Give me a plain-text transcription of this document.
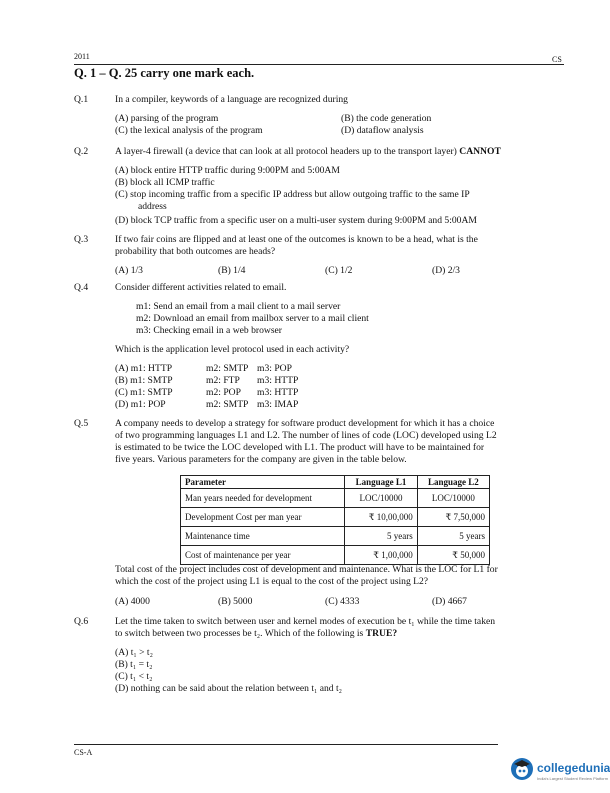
2011	CS
Q. 1 – Q. 25 carry one mark each.
Q.1	In a compiler, keywords of a language are recognized during
(A) parsing of the program	(B) the code generation
(C) the lexical analysis of the program	(D) dataflow analysis
Q.2	A layer-4 firewall (a device that can look at all protocol headers up to the transport layer) CANNOT
(A) block entire HTTP traffic during 9:00PM and 5:00AM
(B) block all ICMP traffic
(C) stop incoming traffic from a specific IP address but allow outgoing traffic to the same IP
address
(D) block TCP traffic from a specific user on a multi-user system during 9:00PM and 5:00AM
Q.3	If two fair coins are flipped and at least one of the outcomes is known to be a head, what is the
probability that both outcomes are heads?
(A) 1/3	(B) 1/4	(C) 1/2	(D) 2/3
Q.4	Consider different activities related to email.
m1: Send an email from a mail client to a mail server
m2: Download an email from mailbox server to a mail client
m3: Checking email in a web browser
Which is the application level protocol used in each activity?
(A) m1: HTTP	m2: SMTP m3: POP
(B) m1: SMTP	m2: FTP m3: HTTP
(C) m1: SMTP	m2: POP m3: HTTP
(D) m1: POP	m2: SMTP m3: IMAP
Q.5	A company needs to develop a strategy for software product development for which it has a choice
of two programming languages L1 and L2. The number of lines of code (LOC) developed using L2
is estimated to be twice the LOC developed with L1. The product will have to be maintained for
five years. Various parameters for the company are given in the table below.
Parameter	Language L1	Language L2
Man years needed for development	LOC/10000	LOC/10000
Development Cost per man year	₹ 10,00,000	₹ 7,50,000
Maintenance time	5 years	5 years
Cost of maintenance per year	₹ 1,00,000	₹ 50,000
Total cost of the project includes cost of development and maintenance. What is the LOC for L1 for
which the cost of the project using L1 is equal to the cost of the project using L2?
(A) 4000	(B) 5000	(C) 4333	(D) 4667
Q.6	Let the time taken to switch between user and kernel modes of execution be t₁ while the time taken
to switch between two processes be t₂. Which of the following is TRUE?
(A) t₁ > t₂
(B) t₁ = t₂
(C) t₁ < t₂
(D) nothing can be said about the relation between t₁ and t₂
CS-A
collegedunia
India's Largest Student Review Platform
